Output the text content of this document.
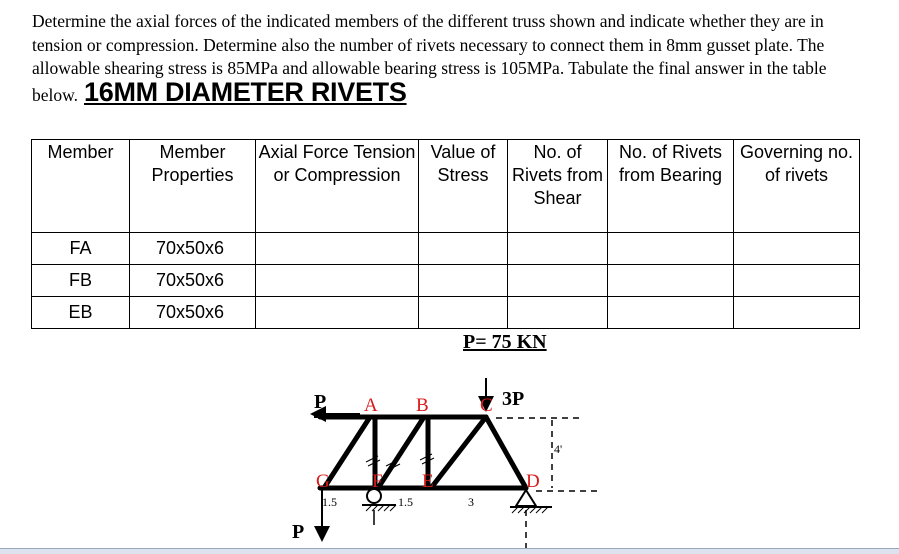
Determine the axial forces of the indicated members of the different truss shown and indicate whether they are in tension or compression. Determine also the number of rivets necessary to connect them in 8mm gusset plate. The allowable shearing stress is 85MPa and allowable bearing stress is 105MPa. Tabulate the final answer in the table below. 16MM DIAMETER RIVETS

Member	Member Properties	Axial Force Tension or Compression	Value of Stress	No. of Rivets from Shear	No. of Rivets from Bearing	Governing no. of rivets
FA	70x50x6					
FB	70x50x6					
EB	70x50x6					

P= 75 KN

P	3P
P
A B	C
D
E
F
G
1.5	1.5	3
4'
